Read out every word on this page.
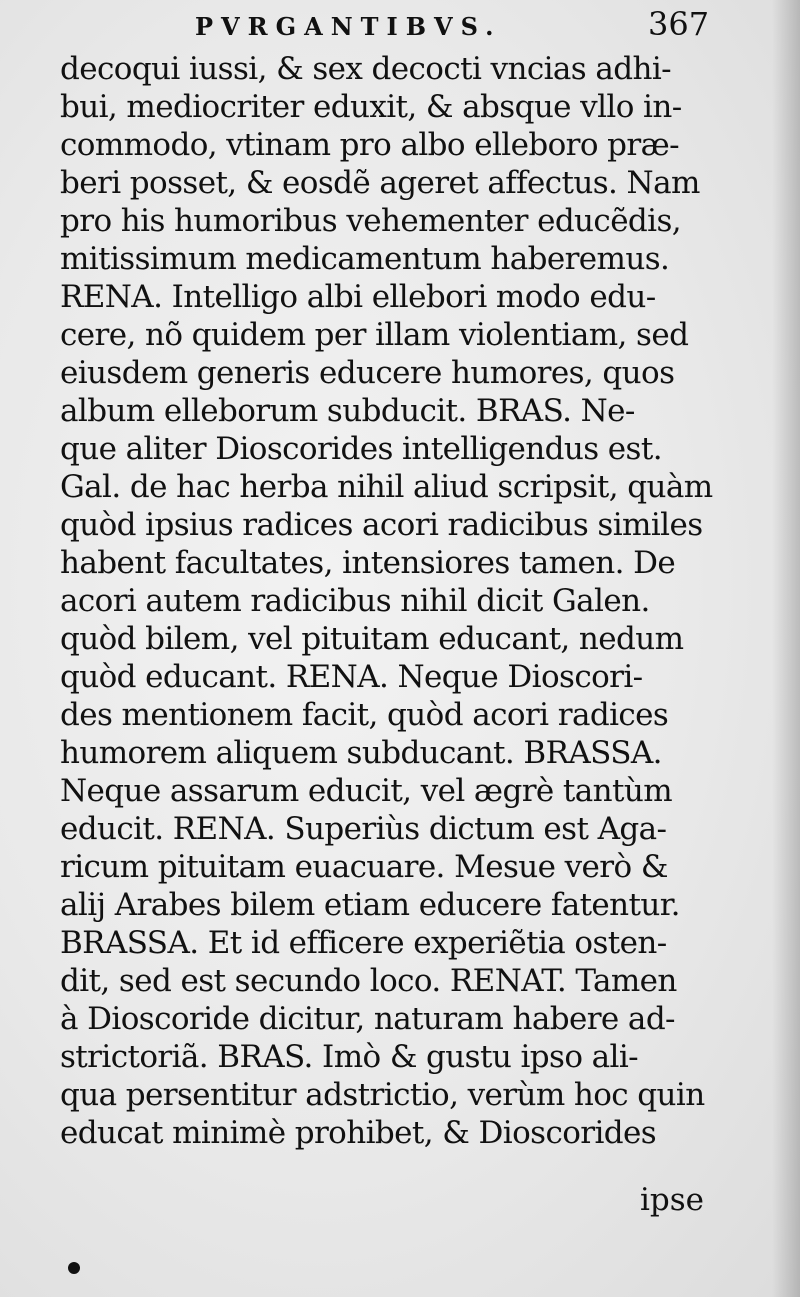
PVRGANTIBVS.	367
decoqui iussi, & sex decocti vncias adhi-
bui, mediocriter eduxit, & absque vllo in-
commodo, vtinam pro albo elleboro præ-
beri posset, & eosdẽ ageret affectus. Nam
pro his humoribus vehementer educẽdis,
mitissimum medicamentum haberemus.
RENA. Intelligo albi ellebori modo edu-
cere, nõ quidem per illam violentiam, sed
eiusdem generis educere humores, quos
album elleborum subducit. BRAS. Ne-
que aliter Dioscorides intelligendus est.
Gal. de hac herba nihil aliud scripsit, quàm
quòd ipsius radices acori radicibus similes
habent facultates, intensiores tamen. De
acori autem radicibus nihil dicit Galen.
quòd bilem, vel pituitam educant, nedum
quòd educant. RENA. Neque Dioscori-
des mentionem facit, quòd acori radices
humorem aliquem subducant. BRASSA.
Neque assarum educit, vel ægrè tantùm
educit. RENA. Superiùs dictum est Aga-
ricum pituitam euacuare. Mesue verò &
alij Arabes bilem etiam educere fatentur.
BRASSA. Et id efficere experiẽtia osten-
dit, sed est secundo loco. RENAT. Tamen
à Dioscoride dicitur, naturam habere ad-
strictoriã. BRAS. Imò & gustu ipso ali-
qua persentitur adstrictio, verùm hoc quin
educat minimè prohibet, & Dioscorides
ipse
